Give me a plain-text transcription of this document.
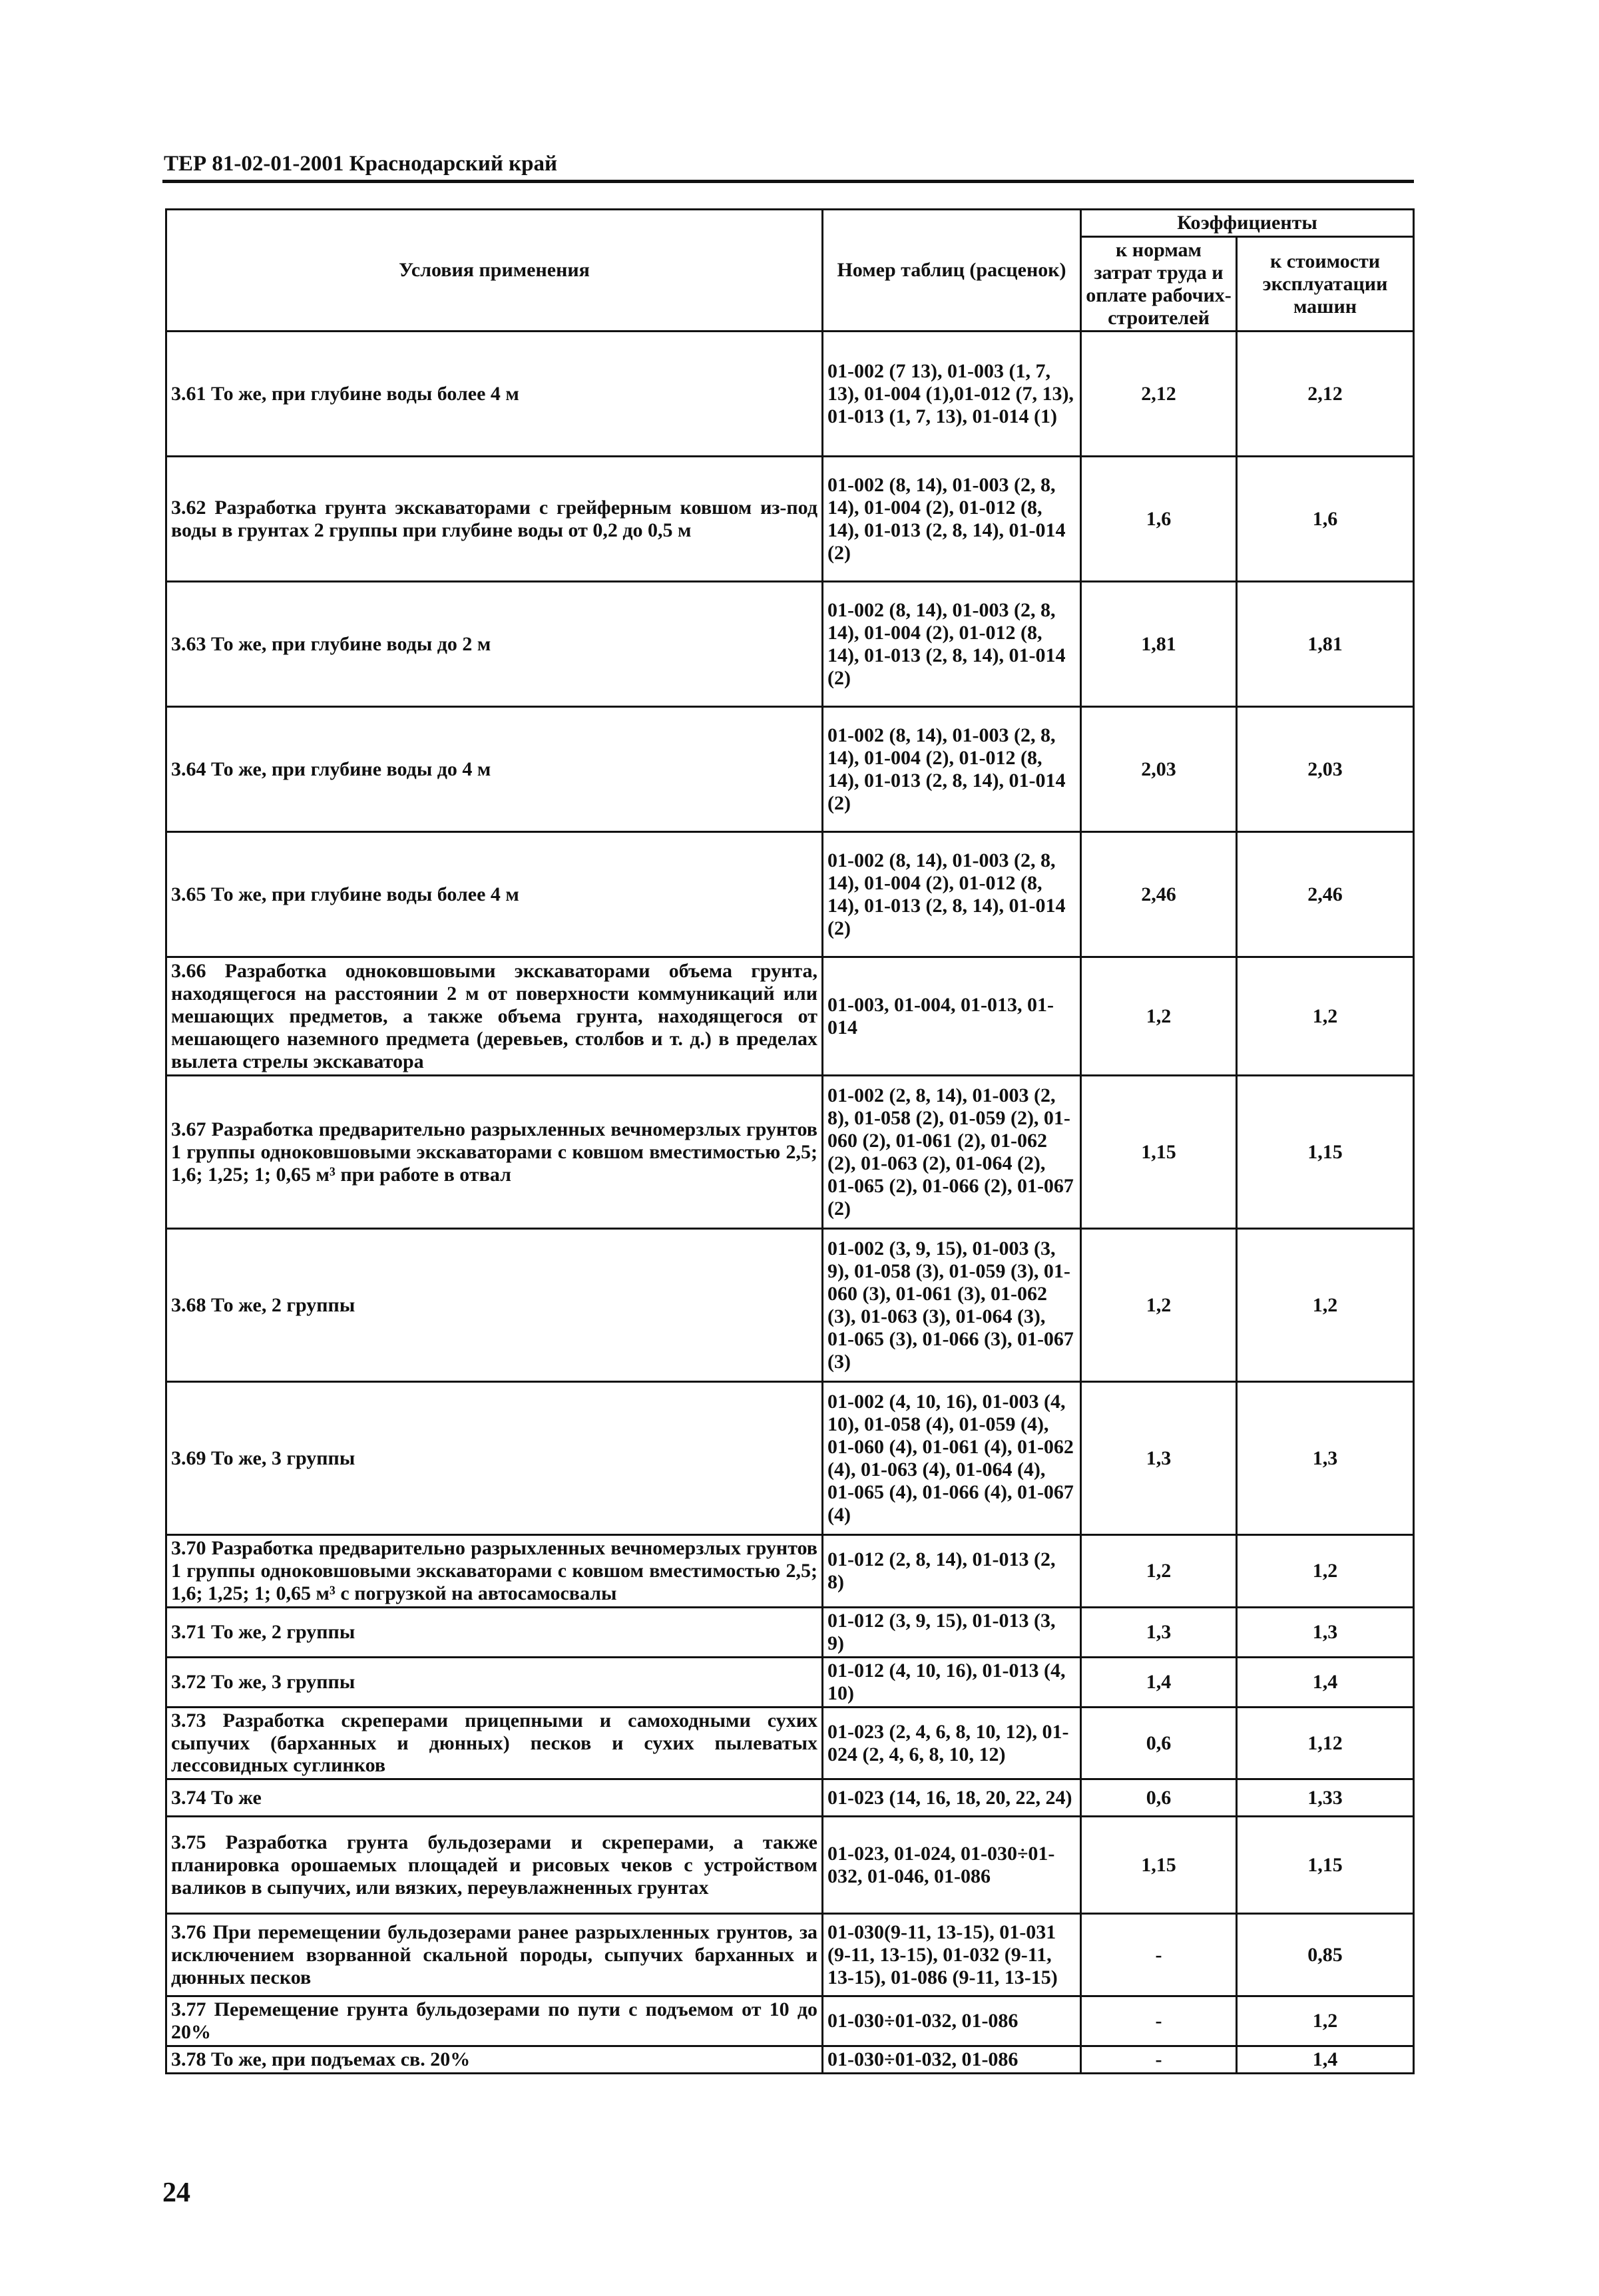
ТЕР 81-02-01-2001 Краснодарский край
Условия применения	Номер таблиц (расценок)	Коэффициенты	
		к нормам затрат труда и оплате рабочих-строителей	к стоимости эксплуатации машин
3.61 То же, при глубине воды более 4 м	01-002 (7 13), 01-003 (1, 7, 13), 01-004 (1),01-012 (7, 13), 01-013 (1, 7, 13), 01-014 (1)	2,12	2,12
3.62 Разработка грунта экскаваторами с грейферным ковшом из-под воды в грунтах 2 группы при глубине воды от 0,2 до 0,5 м	01-002 (8, 14), 01-003 (2, 8, 14), 01-004 (2), 01-012 (8, 14), 01-013 (2, 8, 14), 01-014 (2)	1,6	1,6
3.63 То же, при глубине воды до 2 м	01-002 (8, 14), 01-003 (2, 8, 14), 01-004 (2), 01-012 (8, 14), 01-013 (2, 8, 14), 01-014 (2)	1,81	1,81
3.64 То же, при глубине воды до 4 м	01-002 (8, 14), 01-003 (2, 8, 14), 01-004 (2), 01-012 (8, 14), 01-013 (2, 8, 14), 01-014 (2)	2,03	2,03
3.65 То же, при глубине воды более 4 м	01-002 (8, 14), 01-003 (2, 8, 14), 01-004 (2), 01-012 (8, 14), 01-013 (2, 8, 14), 01-014 (2)	2,46	2,46
3.66 Разработка одноковшовыми экскаваторами объема грунта, находящегося на расстоянии 2 м от поверхности коммуникаций или мешающих предметов, а также объема грунта, находящегося от мешающего наземного предмета (деревьев, столбов и т. д.) в пределах вылета стрелы экскаватора	01-003, 01-004, 01-013, 01-014	1,2	1,2
3.67 Разработка предварительно разрыхленных вечномерзлых грунтов 1 группы одноковшовыми экскаваторами с ковшом вместимостью 2,5; 1,6; 1,25; 1; 0,65 м³ при работе в отвал	01-002 (2, 8, 14), 01-003 (2, 8), 01-058 (2), 01-059 (2), 01-060 (2), 01-061 (2), 01-062 (2), 01-063 (2), 01-064 (2), 01-065 (2), 01-066 (2), 01-067 (2)	1,15	1,15
3.68 То же, 2 группы	01-002 (3, 9, 15), 01-003 (3, 9), 01-058 (3), 01-059 (3), 01-060 (3), 01-061 (3), 01-062 (3), 01-063 (3), 01-064 (3), 01-065 (3), 01-066 (3), 01-067 (3)	1,2	1,2
3.69 То же, 3 группы	01-002 (4, 10, 16), 01-003 (4, 10), 01-058 (4), 01-059 (4), 01-060 (4), 01-061 (4), 01-062 (4), 01-063 (4), 01-064 (4), 01-065 (4), 01-066 (4), 01-067 (4)	1,3	1,3
3.70 Разработка предварительно разрыхленных вечномерзлых грунтов 1 группы одноковшовыми экскаваторами с ковшом вместимостью 2,5; 1,6; 1,25; 1; 0,65 м³ с погрузкой на автосамосвалы	01-012 (2, 8, 14), 01-013 (2, 8)	1,2	1,2
3.71 То же, 2 группы	01-012 (3, 9, 15), 01-013 (3, 9)	1,3	1,3
3.72 То же, 3 группы	01-012 (4, 10, 16), 01-013 (4, 10)	1,4	1,4
3.73 Разработка скреперами прицепными и самоходными сухих сыпучих (барханных и дюнных) песков и сухих пылеватых лессовидных суглинков	01-023 (2, 4, 6, 8, 10, 12), 01-024 (2, 4, 6, 8, 10, 12)	0,6	1,12
3.74 То же	01-023 (14, 16, 18, 20, 22, 24)	0,6	1,33
3.75 Разработка грунта бульдозерами и скреперами, а также планировка орошаемых площадей и рисовых чеков с устройством валиков в сыпучих, или вязких, переувлажненных грунтах	01-023, 01-024, 01-030÷01-032, 01-046, 01-086	1,15	1,15
3.76 При перемещении бульдозерами ранее разрыхленных грунтов, за исключением взорванной скальной породы, сыпучих барханных и дюнных песков	01-030(9-11, 13-15), 01-031 (9-11, 13-15), 01-032 (9-11, 13-15), 01-086 (9-11, 13-15)	-	0,85
3.77 Перемещение грунта бульдозерами по пути с подъемом от 10 до 20%	01-030÷01-032, 01-086	-	1,2
3.78 То же, при подъемах св. 20%	01-030÷01-032, 01-086	-	1,4
24
